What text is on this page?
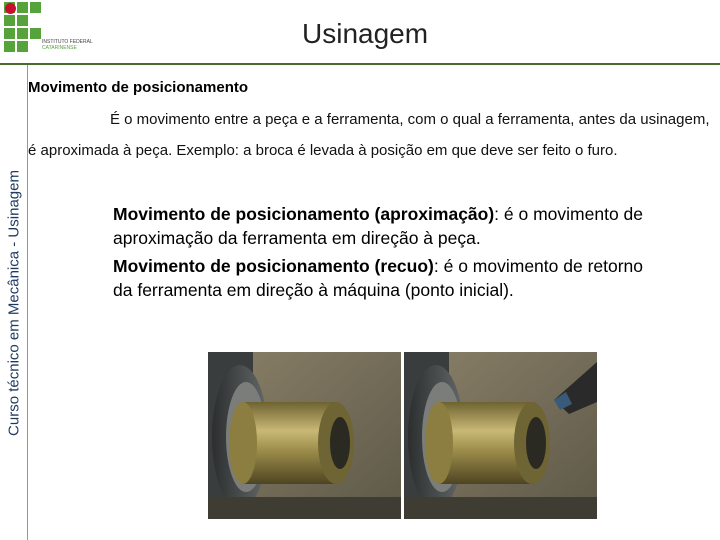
INSTITUTO FEDERAL
CATARINENSE	Usinagem
Curso técnico em Mecânica - Usinagem
Movimento de posicionamento
É o movimento entre a peça e a ferramenta, com o qual a ferramenta, antes da usinagem, é aproximada à peça. Exemplo: a broca é levada à posição em que deve ser feito o furo.
Movimento de posicionamento (aproximação): é o movimento de aproximação da ferramenta em direção à peça.
Movimento de posicionamento (recuo): é o movimento de retorno da ferramenta em direção à máquina (ponto inicial).
